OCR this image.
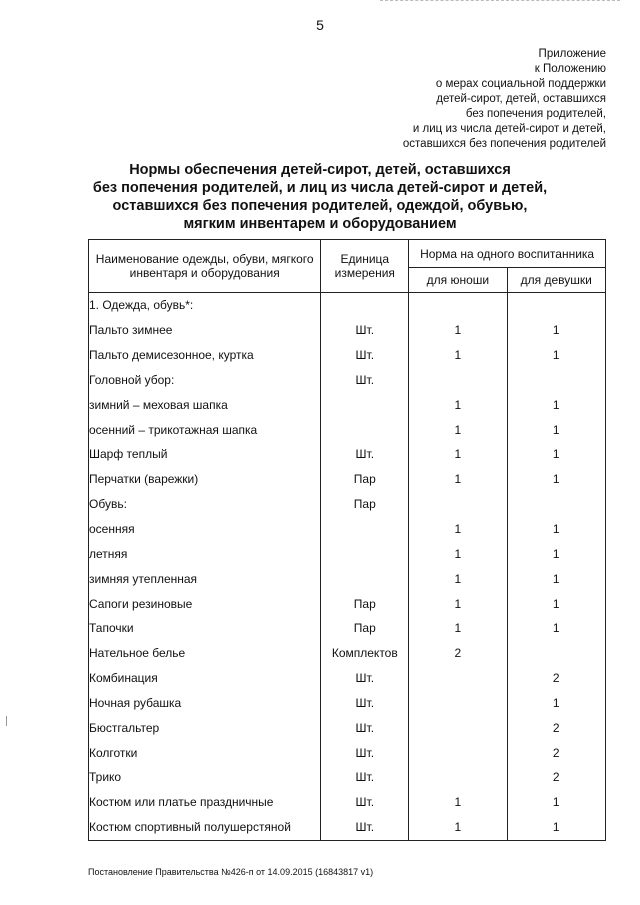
5
Приложение
к Положению
о мерах социальной поддержки
детей-сирот, детей, оставшихся
без попечения родителей,
и лиц из числа детей-сирот и детей,
оставшихся без попечения родителей
Нормы обеспечения детей-сирот, детей, оставшихся
без попечения родителей, и лиц из числа детей-сирот и детей,
оставшихся без попечения родителей, одеждой, обувью,
мягким инвентарем и оборудованием
Наименование одежды, обуви, мягкого инвентаря и оборудования	Единица измерения	Норма на одного воспитанника	
		для юноши	для девушки
1. Одежда, обувь*:			
Пальто зимнее	Шт.	1	1
Пальто демисезонное, куртка	Шт.	1	1
Головной убор:	Шт.		
зимний – меховая шапка		1	1
осенний – трикотажная шапка		1	1
Шарф теплый	Шт.	1	1
Перчатки (варежки)	Пар	1	1
Обувь:	Пар		
осенняя		1	1
летняя		1	1
зимняя утепленная		1	1
Сапоги резиновые	Пар	1	1
Тапочки	Пар	1	1
Нательное белье	Комплектов	2	
Комбинация	Шт.		2
Ночная рубашка	Шт.		1
Бюстгальтер	Шт.		2
Колготки	Шт.		2
Трико	Шт.		2
Костюм или платье праздничные	Шт.	1	1
Костюм спортивный полушерстяной	Шт.	1	1
Постановление Правительства №426-п от 14.09.2015 (16843817 v1)
